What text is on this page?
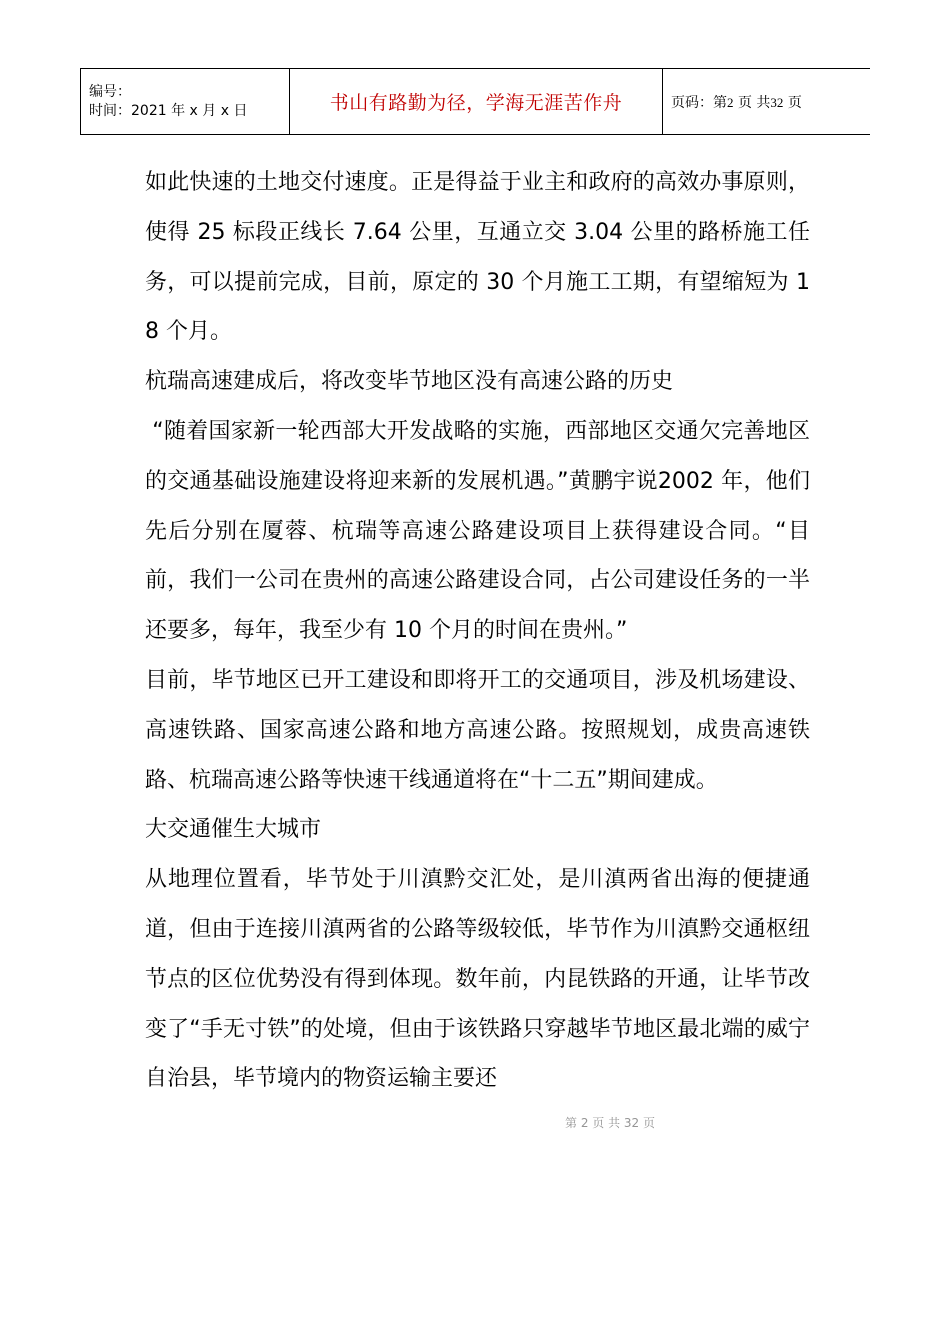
编号：
时间：2021 年 x 月 x 日	书山有路勤为径，学海无涯苦作舟	页码：第2 页 共32 页

如此快速的土地交付速度。正是得益于业主和政府的高效办事原则，使得 25 标段正线长 7.64 公里，互通立交 3.04 公里的路桥施工任务，可以提前完成，目前，原定的 30 个月施工工期，有望缩短为 18 个月。

杭瑞高速建成后，将改变毕节地区没有高速公路的历史

“随着国家新一轮西部大开发战略的实施，西部地区交通欠完善地区的交通基础设施建设将迎来新的发展机遇。”黄鹏宇说2002 年，他们先后分别在厦蓉、杭瑞等高速公路建设项目上获得建设合同。“目前，我们一公司在贵州的高速公路建设合同，占公司建设任务的一半还要多，每年，我至少有 10 个月的时间在贵州。”

目前，毕节地区已开工建设和即将开工的交通项目，涉及机场建设、高速铁路、国家高速公路和地方高速公路。按照规划，成贵高速铁路、杭瑞高速公路等快速干线通道将在“十二五”期间建成。

大交通催生大城市

从地理位置看，毕节处于川滇黔交汇处，是川滇两省出海的便捷通道，但由于连接川滇两省的公路等级较低，毕节作为川滇黔交通枢纽节点的区位优势没有得到体现。数年前，内昆铁路的开通，让毕节改变了“手无寸铁”的处境，但由于该铁路只穿越毕节地区最北端的威宁自治县，毕节境内的物资运输主要还

第 2 页 共 32 页
